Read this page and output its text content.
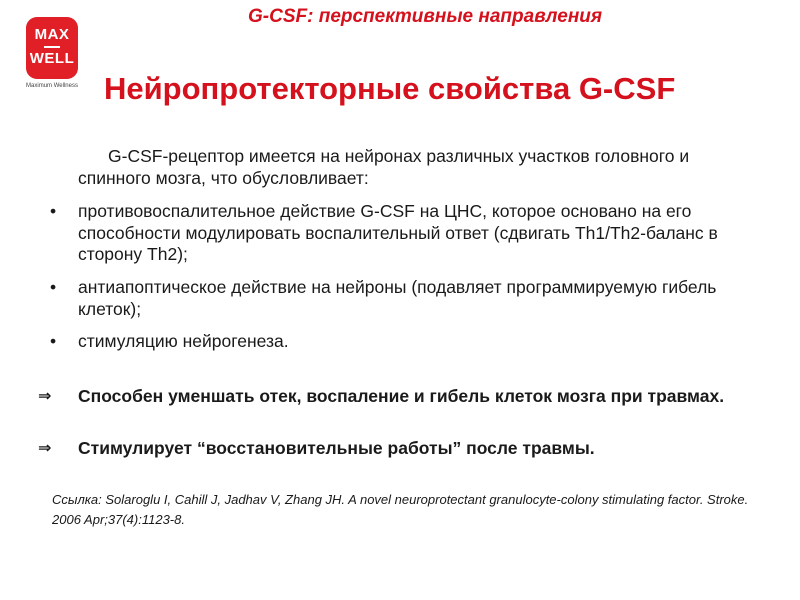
MAX
WELL
Maximum Wellness
G-CSF: перспективные направления
Нейропротекторные свойства G-CSF

G-CSF-рецептор имеется на нейронах различных участков головного и спинного мозга, что обусловливает:

• противовоспалительное действие G-CSF на ЦНС, которое основано на его способности модулировать воспалительный ответ (сдвигать Th1/Th2-баланс в сторону Th2);

• антиапоптическое действие на нейроны (подавляет программируемую гибель клеток);

• стимуляцию нейрогенеза.

⇒ Способен уменшать отек, воспаление и гибель клеток мозга при травмах.

⇒ Стимулирует “восстановительные работы” после травмы.

Ссылка: Solaroglu I, Cahill J, Jadhav V, Zhang JH. A novel neuroprotectant granulocyte-colony stimulating factor. Stroke. 2006 Apr;37(4):1123-8.
